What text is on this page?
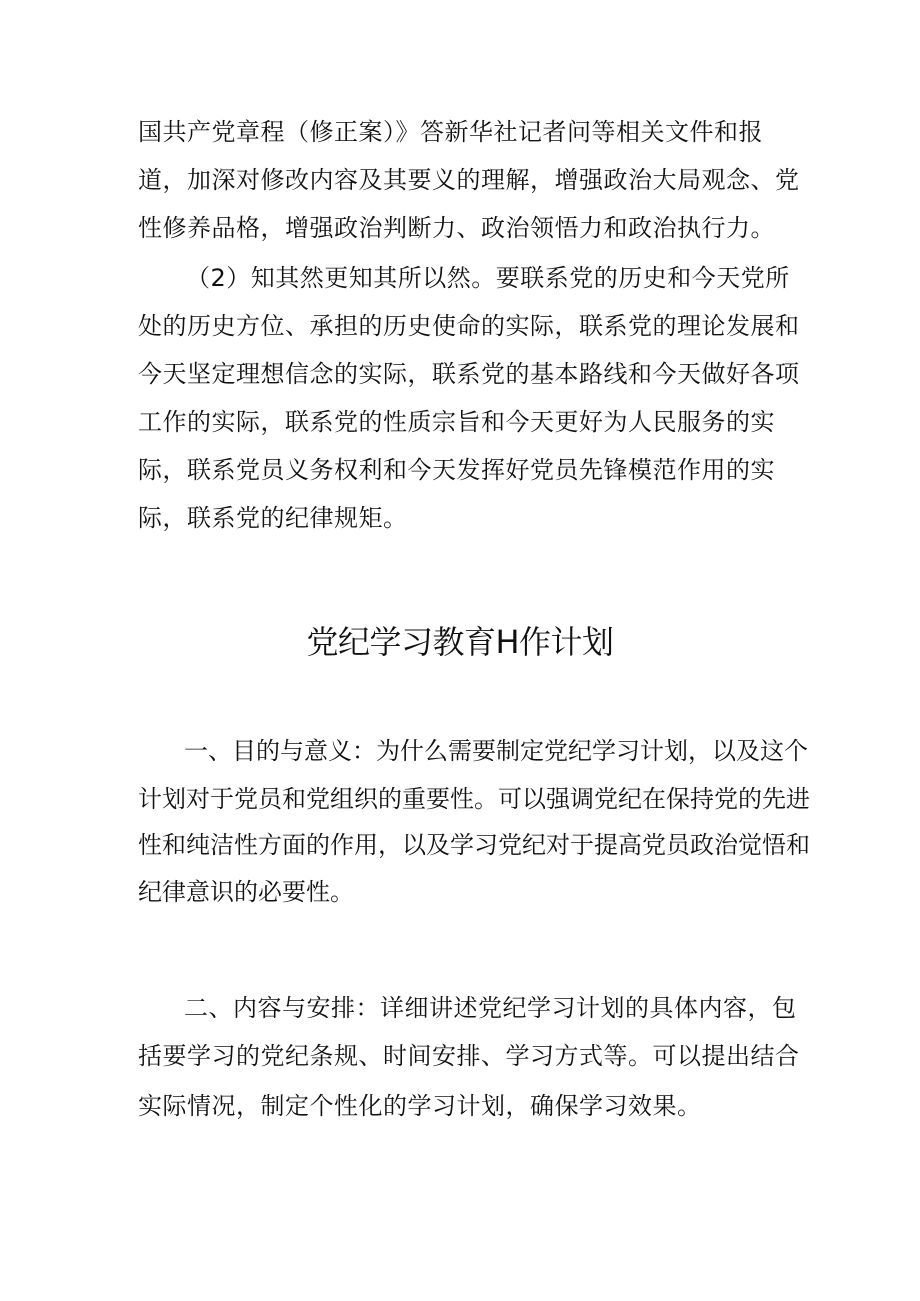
国共产党章程（修正案）》答新华社记者问等相关文件和报
道，加深对修改内容及其要义的理解，增强政治大局观念、党
性修养品格，增强政治判断力、政治领悟力和政治执行力。
（2）知其然更知其所以然。要联系党的历史和今天党所
处的历史方位、承担的历史使命的实际，联系党的理论发展和
今天坚定理想信念的实际，联系党的基本路线和今天做好各项
工作的实际，联系党的性质宗旨和今天更好为人民服务的实
际，联系党员义务权利和今天发挥好党员先锋模范作用的实
际，联系党的纪律规矩。
党纪学习教育H作计划
一、目的与意义：为什么需要制定党纪学习计划，以及这个
计划对于党员和党组织的重要性。可以强调党纪在保持党的先进
性和纯洁性方面的作用，以及学习党纪对于提高党员政治觉悟和
纪律意识的必要性。
二、内容与安排：详细讲述党纪学习计划的具体内容，包
括要学习的党纪条规、时间安排、学习方式等。可以提出结合
实际情况，制定个性化的学习计划，确保学习效果。
